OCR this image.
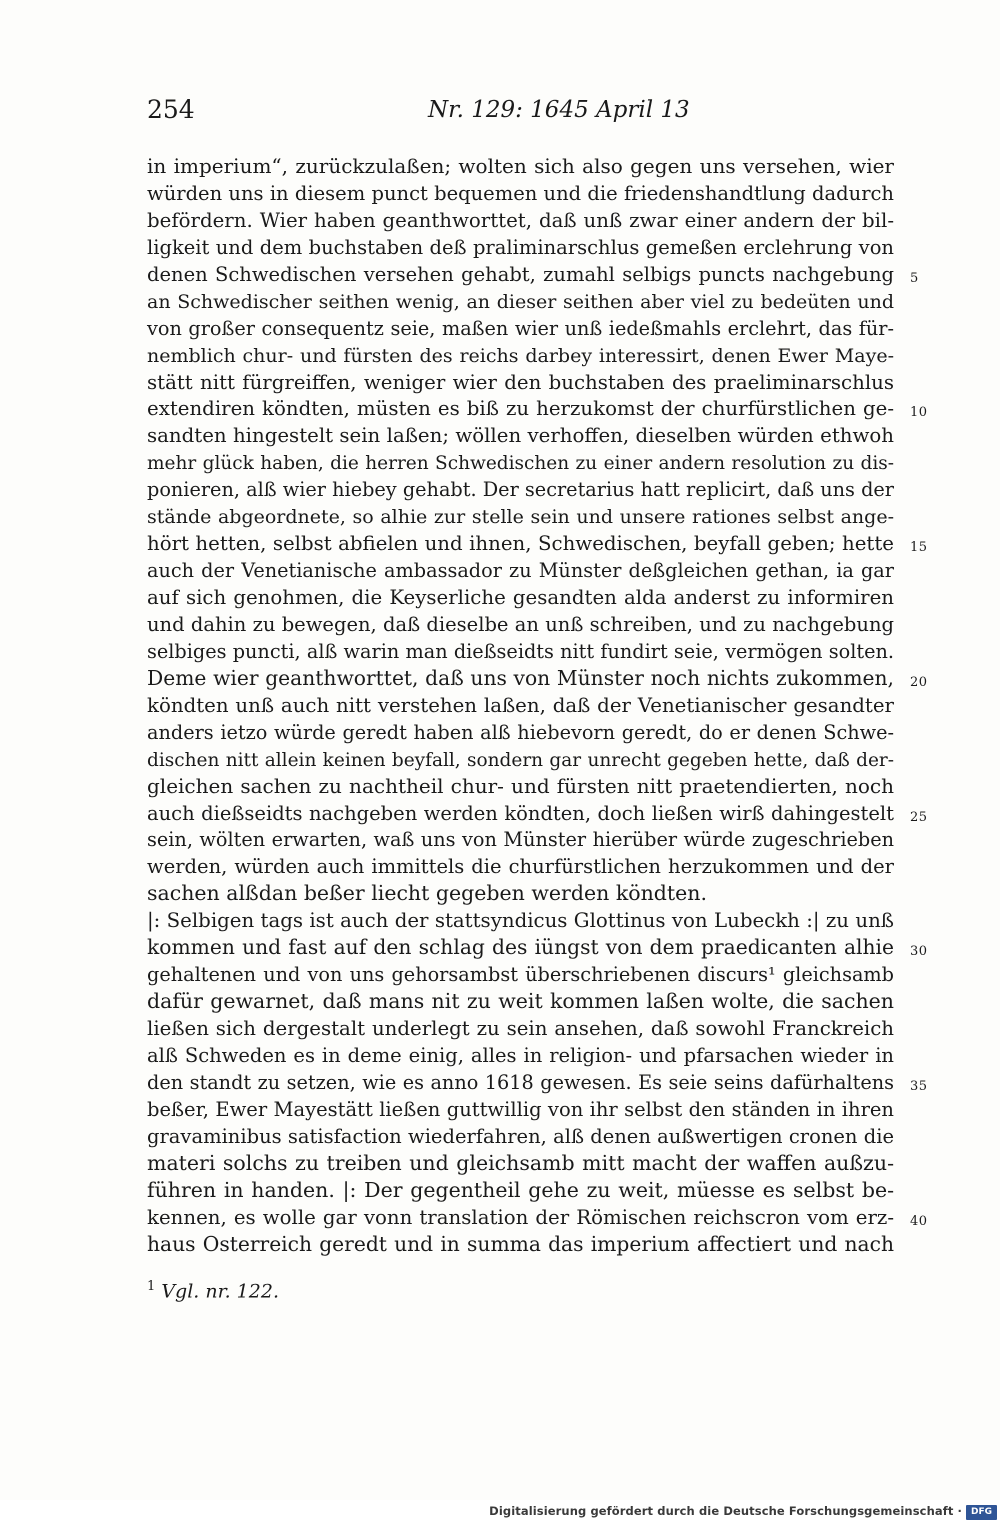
254	Nr. 129: 1645 April 13
in imperium“, zurückzulaßen; wolten sich also gegen uns versehen, wier
würden uns in diesem punct bequemen und die friedenshandtlung dadurch
befördern. Wier haben geanthworttet, daß unß zwar einer andern der bil-
ligkeit und dem buchstaben deß praliminarschlus gemeßen erclehrung von
denen Schwedischen versehen gehabt, zumahl selbigs puncts nachgebung 5
an Schwedischer seithen wenig, an dieser seithen aber viel zu bedeüten und
von großer consequentz seie, maßen wier unß iedeßmahls erclehrt, das für-
nemblich chur- und fürsten des reichs darbey interessirt, denen Ewer Maye-
stätt nitt fürgreiffen, weniger wier den buchstaben des praeliminarschlus
extendiren köndten, müsten es biß zu herzukomst der churfürstlichen ge- 10
sandten hingestelt sein laßen; wöllen verhoffen, dieselben würden ethwoh
mehr glück haben, die herren Schwedischen zu einer andern resolution zu dis-
ponieren, alß wier hiebey gehabt. Der secretarius hatt replicirt, daß uns der
stände abgeordnete, so alhie zur stelle sein und unsere rationes selbst ange-
hört hetten, selbst abfielen und ihnen, Schwedischen, beyfall geben; hette 15
auch der Venetianische ambassador zu Münster deßgleichen gethan, ia gar
auf sich genohmen, die Keyserliche gesandten alda anderst zu informiren
und dahin zu bewegen, daß dieselbe an unß schreiben, und zu nachgebung
selbiges puncti, alß warin man dießseidts nitt fundirt seie, vermögen solten.
Deme wier geanthworttet, daß uns von Münster noch nichts zukommen, 20
köndten unß auch nitt verstehen laßen, daß der Venetianischer gesandter
anders ietzo würde geredt haben alß hiebevorn geredt, do er denen Schwe-
dischen nitt allein keinen beyfall, sondern gar unrecht gegeben hette, daß der-
gleichen sachen zu nachtheil chur- und fürsten nitt praetendierten, noch
auch dießseidts nachgeben werden köndten, doch ließen wirß dahingestelt 25
sein, wölten erwarten, waß uns von Münster hierüber würde zugeschrieben
werden, würden auch immittels die churfürstlichen herzukommen und der
sachen alßdan beßer liecht gegeben werden köndten.
|: Selbigen tags ist auch der stattsyndicus Glottinus von Lubeckh :| zu unß
kommen und fast auf den schlag des iüngst von dem praedicanten alhie 30
gehaltenen und von uns gehorsambst überschriebenen discurs¹ gleichsamb
dafür gewarnet, daß mans nit zu weit kommen laßen wolte, die sachen
ließen sich dergestalt underlegt zu sein ansehen, daß sowohl Franckreich
alß Schweden es in deme einig, alles in religion- und pfarsachen wieder in
den standt zu setzen, wie es anno 1618 gewesen. Es seie seins dafürhaltens 35
beßer, Ewer Mayestätt ließen guttwillig von ihr selbst den ständen in ihren
gravaminibus satisfaction wiederfahren, alß denen außwertigen cronen die
materi solchs zu treiben und gleichsamb mitt macht der waffen außzu-
führen in handen. |: Der gegentheil gehe zu weit, müesse es selbst be-
kennen, es wolle gar vonn translation der Römischen reichscron vom erz- 40
haus Osterreich geredt und in summa das imperium affectiert und nach
$^1$ Vgl. nr. 122.
Digitalisierung gefördert durch die Deutsche Forschungsgemeinschaft · DFG
